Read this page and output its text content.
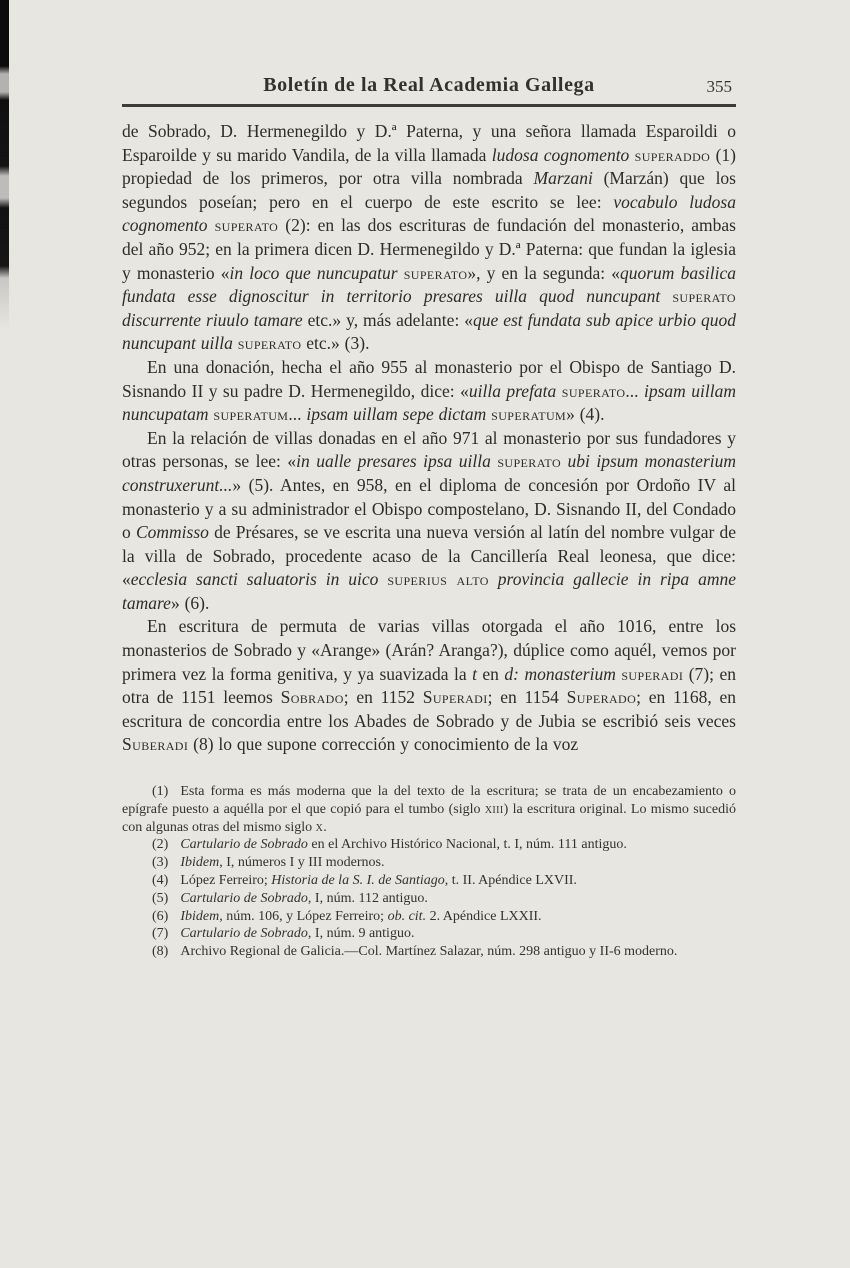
Boletín de la Real Academia Gallega	355

de Sobrado, D. Hermenegildo y D.ª Paterna, y una señora llamada Esparoildi o Esparoilde y su marido Vandila, de la villa llamada ludosa cognomento superaddo (1) propiedad de los primeros, por otra villa nombrada Marzani (Marzán) que los segundos poseían; pero en el cuerpo de este escrito se lee: vocabulo ludosa cognomento superato (2): en las dos escrituras de fundación del monasterio, ambas del año 952; en la primera dicen D. Hermenegildo y D.ª Paterna: que fundan la iglesia y monasterio «in loco que nuncupatur superato», y en la segunda: «quorum basilica fundata esse dignoscitur in territorio presares uilla quod nuncupant superato discurrente riuulo tamare etc.» y, más adelante: «que est fundata sub apice urbio quod nuncupant uilla superato etc.» (3).

En una donación, hecha el año 955 al monasterio por el Obispo de Santiago D. Sisnando II y su padre D. Hermenegildo, dice: «uilla prefata superato... ipsam uillam nuncupatam superatum... ipsam uillam sepe dictam superatum» (4).

En la relación de villas donadas en el año 971 al monasterio por sus fundadores y otras personas, se lee: «in ualle presares ipsa uilla superato ubi ipsum monasterium construxerunt...» (5). Antes, en 958, en el diploma de concesión por Ordoño IV al monasterio y a su administrador el Obispo compostelano, D. Sisnando II, del Condado o Commisso de Présares, se ve escrita una nueva versión al latín del nombre vulgar de la villa de Sobrado, procedente acaso de la Cancillería Real leonesa, que dice: «ecclesia sancti saluatoris in uico superius alto provincia gallecie in ripa amne tamare» (6).

En escritura de permuta de varias villas otorgada el año 1016, entre los monasterios de Sobrado y «Arange» (Arán? Aranga?), dúplice como aquél, vemos por primera vez la forma genitiva, y ya suavizada la t en d: monasterium superadi (7); en otra de 1151 leemos Sobrado; en 1152 Superadi; en 1154 Superado; en 1168, en escritura de concordia entre los Abades de Sobrado y de Jubia se escribió seis veces Suberadi (8) lo que supone corrección y conocimiento de la voz

(1) Esta forma es más moderna que la del texto de la escritura; se trata de un encabezamiento o epígrafe puesto a aquélla por el que copió para el tumbo (siglo xiii) la escritura original. Lo mismo sucedió con algunas otras del mismo siglo x.

(2) Cartulario de Sobrado en el Archivo Histórico Nacional, t. I, núm. 111 antiguo.

(3) Ibidem, I, números I y III modernos.

(4) López Ferreiro; Historia de la S. I. de Santiago, t. II. Apéndice LXVII.

(5) Cartulario de Sobrado, I, núm. 112 antiguo.

(6) Ibidem, núm. 106, y López Ferreiro; ob. cit. 2. Apéndice LXXII.

(7) Cartulario de Sobrado, I, núm. 9 antiguo.

(8) Archivo Regional de Galicia.—Col. Martínez Salazar, núm. 298 antiguo y II-6 moderno.
